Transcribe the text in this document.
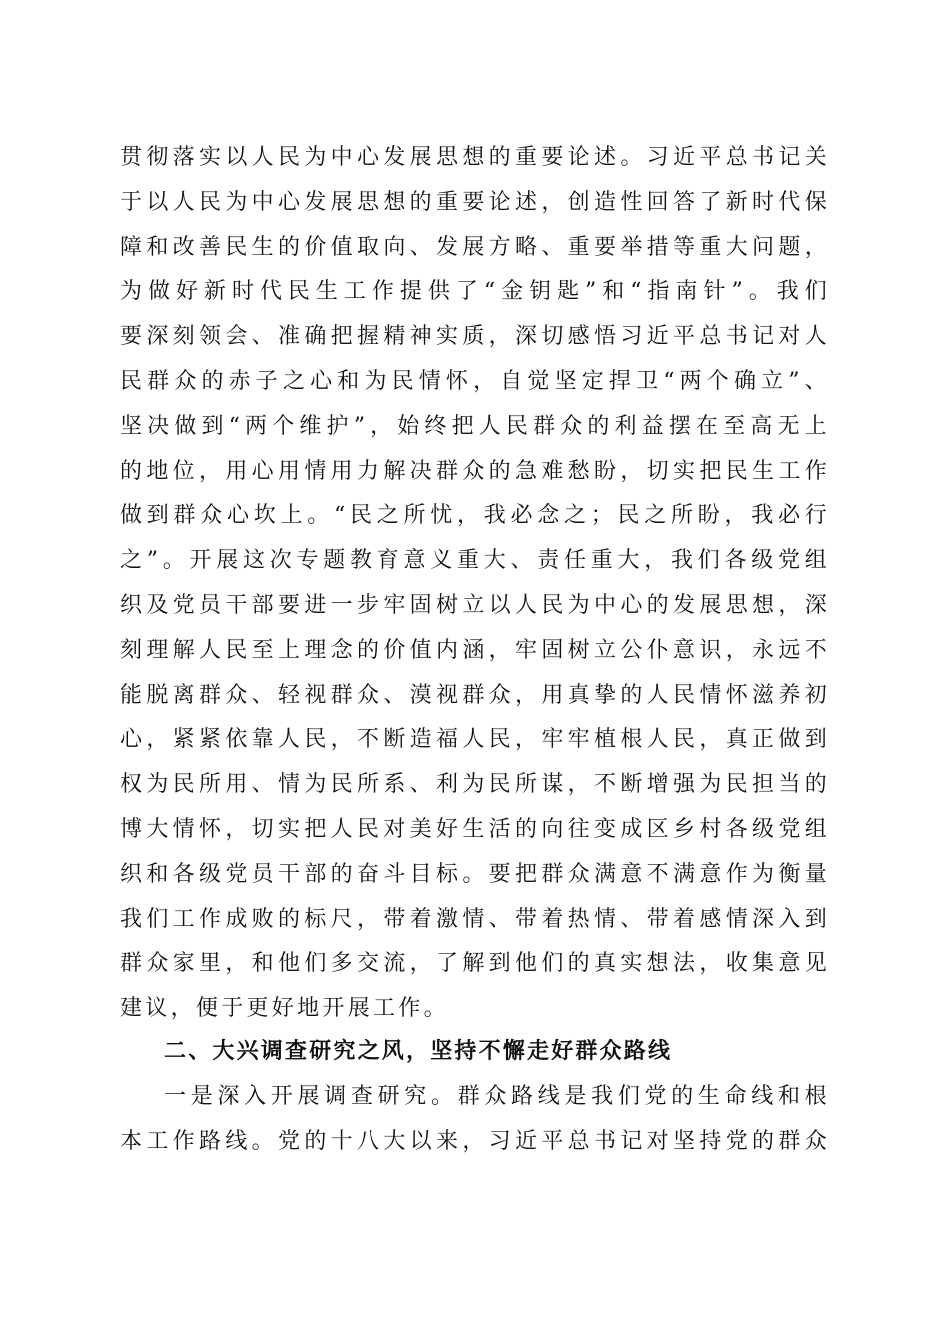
贯彻落实以人民为中心发展思想的重要论述。习近平总书记关
于以人民为中心发展思想的重要论述，创造性回答了新时代保
障和改善民生的价值取向、发展方略、重要举措等重大问题，
为做好新时代民生工作提供了“金钥匙”和“指南针”。我们
要深刻领会、准确把握精神实质，深切感悟习近平总书记对人
民群众的赤子之心和为民情怀，自觉坚定捍卫“两个确立”、
坚决做到“两个维护”，始终把人民群众的利益摆在至高无上
的地位，用心用情用力解决群众的急难愁盼，切实把民生工作
做到群众心坎上。“民之所忧，我必念之；民之所盼，我必行
之”。开展这次专题教育意义重大、责任重大，我们各级党组
织及党员干部要进一步牢固树立以人民为中心的发展思想，深
刻理解人民至上理念的价值内涵，牢固树立公仆意识，永远不
能脱离群众、轻视群众、漠视群众，用真挚的人民情怀滋养初
心，紧紧依靠人民，不断造福人民，牢牢植根人民，真正做到
权为民所用、情为民所系、利为民所谋，不断增强为民担当的
博大情怀，切实把人民对美好生活的向往变成区乡村各级党组
织和各级党员干部的奋斗目标。要把群众满意不满意作为衡量
我们工作成败的标尺，带着激情、带着热情、带着感情深入到
群众家里，和他们多交流，了解到他们的真实想法，收集意见
建议，便于更好地开展工作。
二、大兴调查研究之风，坚持不懈走好群众路线
一是深入开展调查研究。群众路线是我们党的生命线和根
本工作路线。党的十八大以来，习近平总书记对坚持党的群众
